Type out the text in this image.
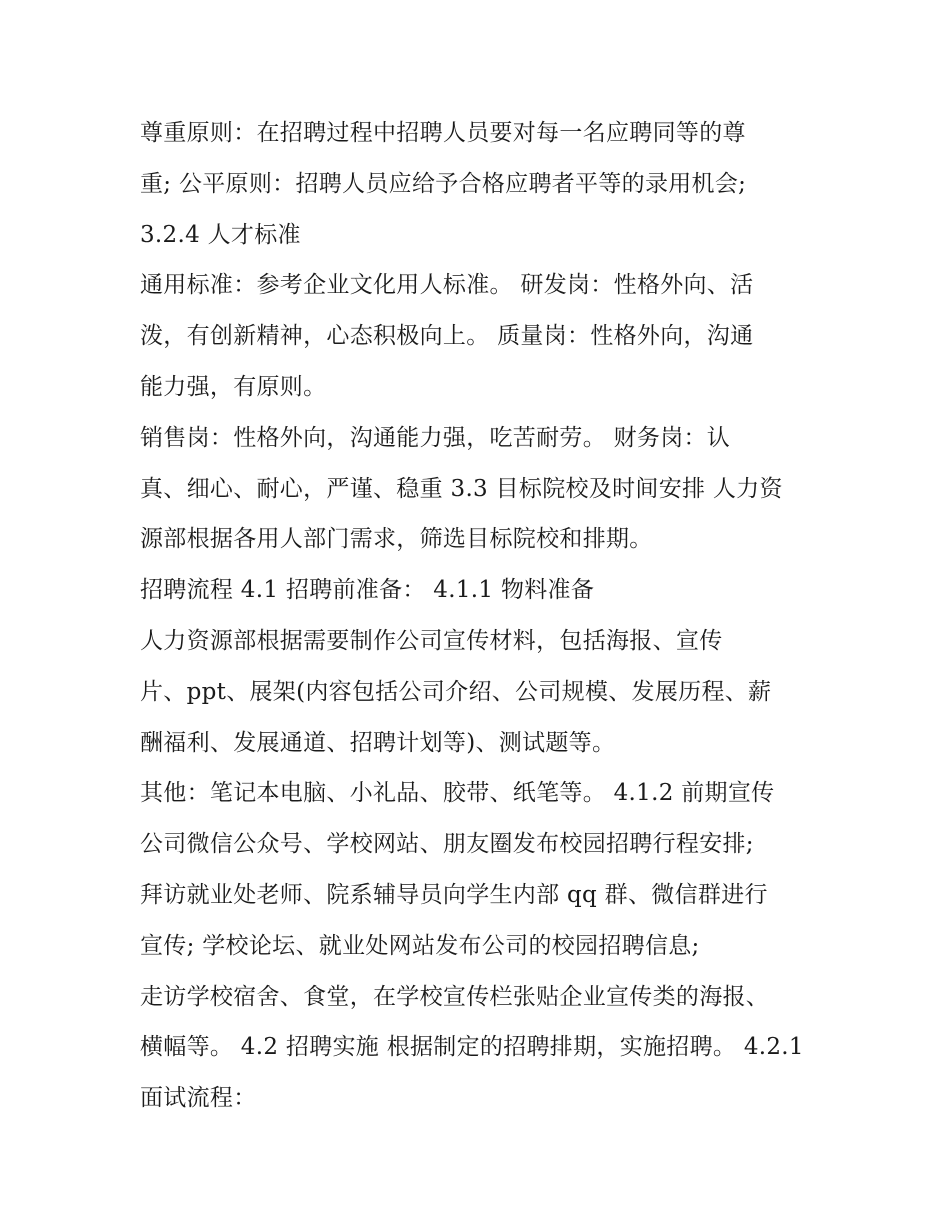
尊重原则：在招聘过程中招聘人员要对每一名应聘同等的尊
重; 公平原则：招聘人员应给予合格应聘者平等的录用机会;
3.2.4 人才标准
通用标准：参考企业文化用人标准。 研发岗：性格外向、活
泼，有创新精神，心态积极向上。 质量岗：性格外向，沟通
能力强，有原则。
销售岗：性格外向，沟通能力强，吃苦耐劳。 财务岗：认
真、细心、耐心，严谨、稳重 3.3 目标院校及时间安排 人力资
源部根据各用人部门需求，筛选目标院校和排期。
招聘流程 4.1 招聘前准备： 4.1.1 物料准备
人力资源部根据需要制作公司宣传材料，包括海报、宣传
片、ppt、展架(内容包括公司介绍、公司规模、发展历程、薪
酬福利、发展通道、招聘计划等)、测试题等。
其他：笔记本电脑、小礼品、胶带、纸笔等。 4.1.2 前期宣传
公司微信公众号、学校网站、朋友圈发布校园招聘行程安排;
拜访就业处老师、院系辅导员向学生内部 qq 群、微信群进行
宣传; 学校论坛、就业处网站发布公司的校园招聘信息;
走访学校宿舍、食堂，在学校宣传栏张贴企业宣传类的海报、
横幅等。 4.2 招聘实施 根据制定的招聘排期，实施招聘。 4.2.1
面试流程：
